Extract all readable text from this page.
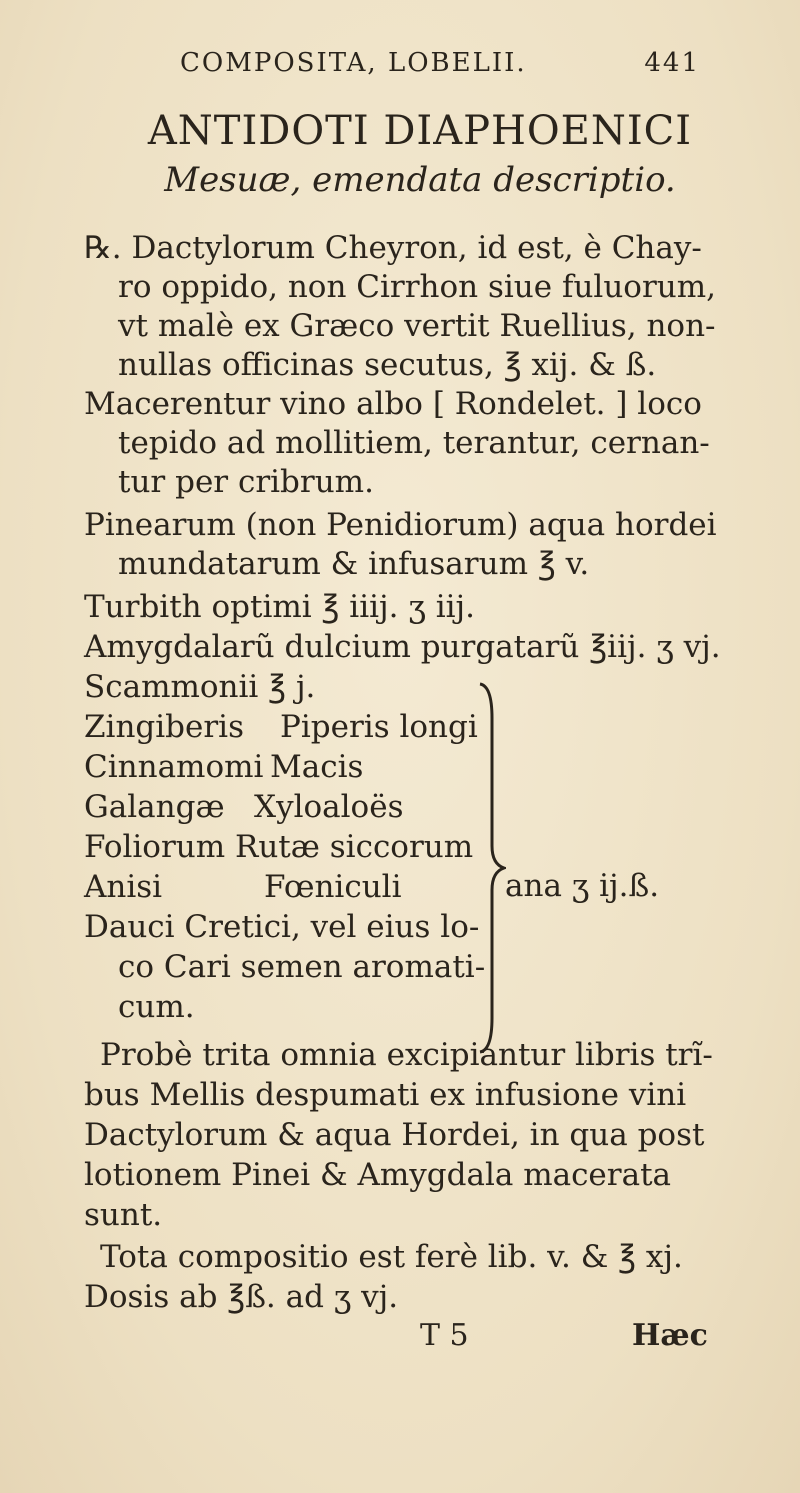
COMPOSITA, LOBELII.	441
ANTIDOTI DIAPHOENICI
Mesuæ, emendata descriptio.
℞. Dactylorum Cheyron, id est, è Chay-
ro oppido, non Cirrhon siue fuluorum,
vt malè ex Græco vertit Ruellius, non-
nullas officinas secutus, ℥ xij. & ß.
Macerentur vino albo [ Rondelet. ] loco
tepido ad mollitiem, terantur, cernan-
tur per cribrum.
Pinearum (non Penidiorum) aqua hordei
mundatarum & infusarum ℥ v.
Turbith optimi ℥ iiij. ʒ iij.
Amygdalarũ dulcium purgatarũ ℥iij. ʒ vj.
Scammonii ℥ j.
Zingiberis Piperis longi
Cinnamomi Macis
Galangæ Xyloaloës
Foliorum Rutæ siccorum
Anisi	Fœniculi
Dauci Cretici, vel eius lo-
co Cari semen aromati-
cum.
ana ʒ ij.ß.
Probè trita omnia excipiantur libris trĩ-
bus Mellis despumati ex infusione vini
Dactylorum & aqua Hordei, in qua post
lotionem Pinei & Amygdala macerata
sunt.
Tota compositio est ferè lib. v. & ℥ xj.
Dosis ab ℥ß. ad ʒ vj.
T 5	Hæc
